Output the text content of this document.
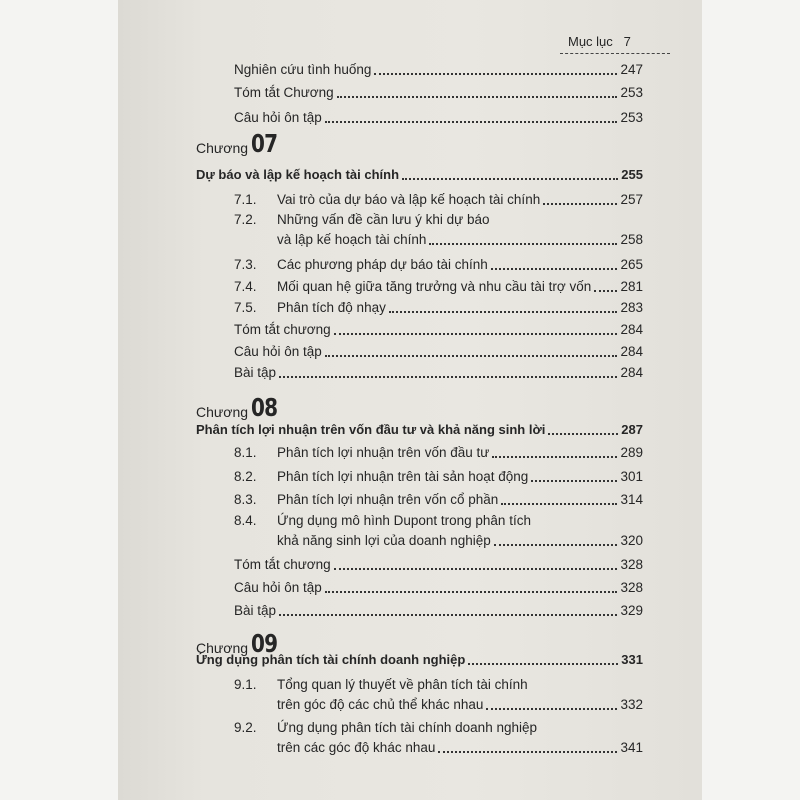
Mục lục 7
Nghiên cứu tình huống	247
Tóm tắt Chương	253
Câu hỏi ôn tập	253
Chương 07
Dự báo và lập kế hoạch tài chính	255
7.1.	Vai trò của dự báo và lập kế hoạch tài chính	257
7.2. Những vấn đề cần lưu ý khi dự báo
và lập kế hoạch tài chính	258
7.3.	Các phương pháp dự báo tài chính	265
7.4.	Mối quan hệ giữa tăng trưởng và nhu cầu tài trợ vốn 281
7.5.	Phân tích độ nhạy	283
Tóm tắt chương	284
Câu hỏi ôn tập	284
Bài tập	284
Chương 08
Phân tích lợi nhuận trên vốn đầu tư và khả năng sinh lời	287
8.1.	Phân tích lợi nhuận trên vốn đầu tư	289
8.2.	Phân tích lợi nhuận trên tài sản hoạt động	301
8.3.	Phân tích lợi nhuận trên vốn cổ phần	314
8.4. Ứng dụng mô hình Dupont trong phân tích
khả năng sinh lợi của doanh nghiệp	320
Tóm tắt chương	328
Câu hỏi ôn tập	328
Bài tập	329
Chương 09
Ứng dụng phân tích tài chính doanh nghiệp	331
9.1. Tổng quan lý thuyết về phân tích tài chính
trên góc độ các chủ thể khác nhau	332
9.2. Ứng dụng phân tích tài chính doanh nghiệp
trên các góc độ khác nhau	341
